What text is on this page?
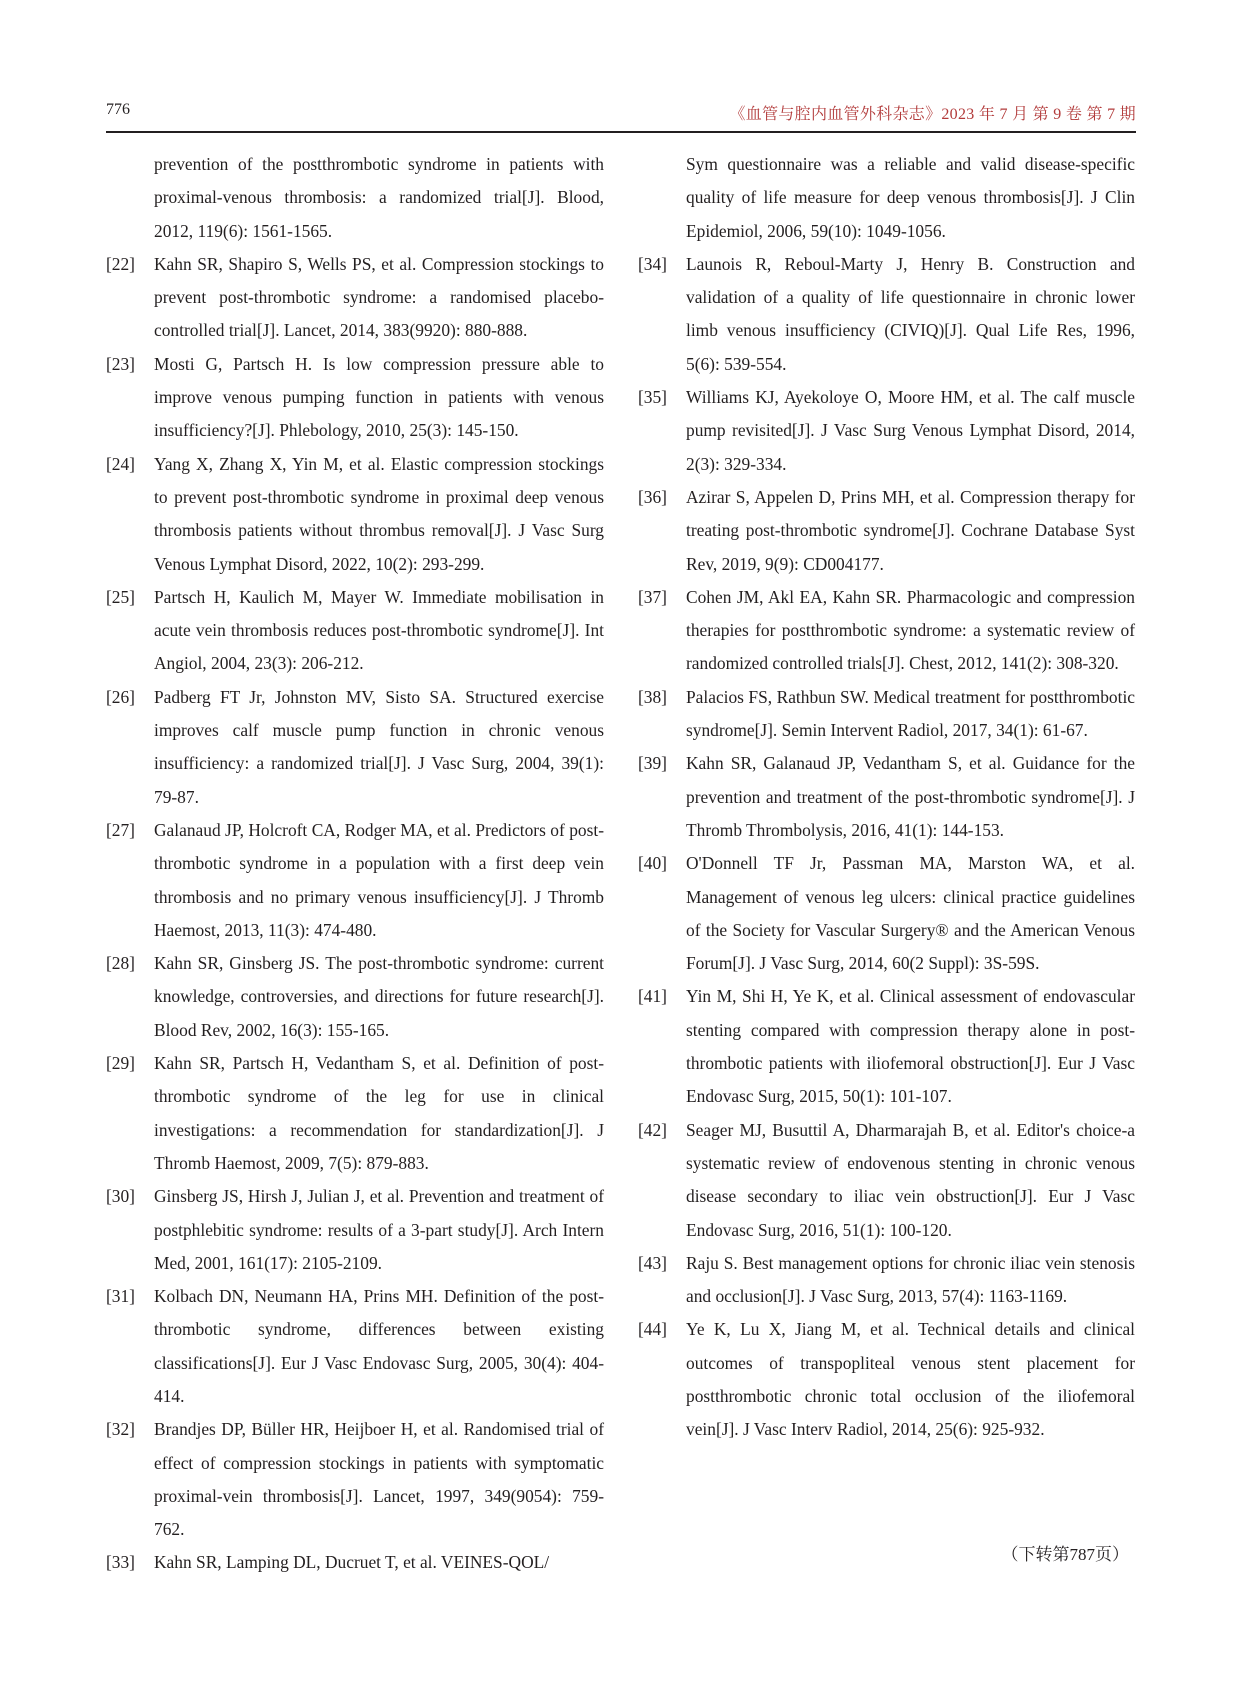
776	《血管与腔内血管外科杂志》2023 年 7 月 第 9 卷 第 7 期
prevention of the postthrombotic syndrome in patients with proximal-venous thrombosis: a randomized trial[J]. Blood, 2012, 119(6): 1561-1565.
[22] Kahn SR, Shapiro S, Wells PS, et al. Compression stockings to prevent post-thrombotic syndrome: a randomised placebo-controlled trial[J]. Lancet, 2014, 383(9920): 880-888.
[23] Mosti G, Partsch H. Is low compression pressure able to improve venous pumping function in patients with venous insufficiency?[J]. Phlebology, 2010, 25(3): 145-150.
[24] Yang X, Zhang X, Yin M, et al. Elastic compression stockings to prevent post-thrombotic syndrome in proximal deep venous thrombosis patients without thrombus removal[J]. J Vasc Surg Venous Lymphat Disord, 2022, 10(2): 293-299.
[25] Partsch H, Kaulich M, Mayer W. Immediate mobilisation in acute vein thrombosis reduces post-thrombotic syndrome[J]. Int Angiol, 2004, 23(3): 206-212.
[26] Padberg FT Jr, Johnston MV, Sisto SA. Structured exercise improves calf muscle pump function in chronic venous insufficiency: a randomized trial[J]. J Vasc Surg, 2004, 39(1): 79-87.
[27] Galanaud JP, Holcroft CA, Rodger MA, et al. Predictors of post-thrombotic syndrome in a population with a first deep vein thrombosis and no primary venous insufficiency[J]. J Thromb Haemost, 2013, 11(3): 474-480.
[28] Kahn SR, Ginsberg JS. The post-thrombotic syndrome: current knowledge, controversies, and directions for future research[J]. Blood Rev, 2002, 16(3): 155-165.
[29] Kahn SR, Partsch H, Vedantham S, et al. Definition of post-thrombotic syndrome of the leg for use in clinical investigations: a recommendation for standardization[J]. J Thromb Haemost, 2009, 7(5): 879-883.
[30] Ginsberg JS, Hirsh J, Julian J, et al. Prevention and treatment of postphlebitic syndrome: results of a 3-part study[J]. Arch Intern Med, 2001, 161(17): 2105-2109.
[31] Kolbach DN, Neumann HA, Prins MH. Definition of the post-thrombotic syndrome, differences between existing classifications[J]. Eur J Vasc Endovasc Surg, 2005, 30(4): 404-414.
[32] Brandjes DP, Büller HR, Heijboer H, et al. Randomised trial of effect of compression stockings in patients with symptomatic proximal-vein thrombosis[J]. Lancet, 1997, 349(9054): 759-762.
[33] Kahn SR, Lamping DL, Ducruet T, et al. VEINES-QOL/
Sym questionnaire was a reliable and valid disease-specific quality of life measure for deep venous thrombosis[J]. J Clin Epidemiol, 2006, 59(10): 1049-1056.
[34] Launois R, Reboul-Marty J, Henry B. Construction and validation of a quality of life questionnaire in chronic lower limb venous insufficiency (CIVIQ)[J]. Qual Life Res, 1996, 5(6): 539-554.
[35] Williams KJ, Ayekoloye O, Moore HM, et al. The calf muscle pump revisited[J]. J Vasc Surg Venous Lymphat Disord, 2014, 2(3): 329-334.
[36] Azirar S, Appelen D, Prins MH, et al. Compression therapy for treating post-thrombotic syndrome[J]. Cochrane Database Syst Rev, 2019, 9(9): CD004177.
[37] Cohen JM, Akl EA, Kahn SR. Pharmacologic and compression therapies for postthrombotic syndrome: a systematic review of randomized controlled trials[J]. Chest, 2012, 141(2): 308-320.
[38] Palacios FS, Rathbun SW. Medical treatment for postthrombotic syndrome[J]. Semin Intervent Radiol, 2017, 34(1): 61-67.
[39] Kahn SR, Galanaud JP, Vedantham S, et al. Guidance for the prevention and treatment of the post-thrombotic syndrome[J]. J Thromb Thrombolysis, 2016, 41(1): 144-153.
[40] O'Donnell TF Jr, Passman MA, Marston WA, et al. Management of venous leg ulcers: clinical practice guidelines of the Society for Vascular Surgery® and the American Venous Forum[J]. J Vasc Surg, 2014, 60(2 Suppl): 3S-59S.
[41] Yin M, Shi H, Ye K, et al. Clinical assessment of endovascular stenting compared with compression therapy alone in post-thrombotic patients with iliofemoral obstruction[J]. Eur J Vasc Endovasc Surg, 2015, 50(1): 101-107.
[42] Seager MJ, Busuttil A, Dharmarajah B, et al. Editor's choice-a systematic review of endovenous stenting in chronic venous disease secondary to iliac vein obstruction[J]. Eur J Vasc Endovasc Surg, 2016, 51(1): 100-120.
[43] Raju S. Best management options for chronic iliac vein stenosis and occlusion[J]. J Vasc Surg, 2013, 57(4): 1163-1169.
[44] Ye K, Lu X, Jiang M, et al. Technical details and clinical outcomes of transpopliteal venous stent placement for postthrombotic chronic total occlusion of the iliofemoral vein[J]. J Vasc Interv Radiol, 2014, 25(6): 925-932.
（下转第787页）
